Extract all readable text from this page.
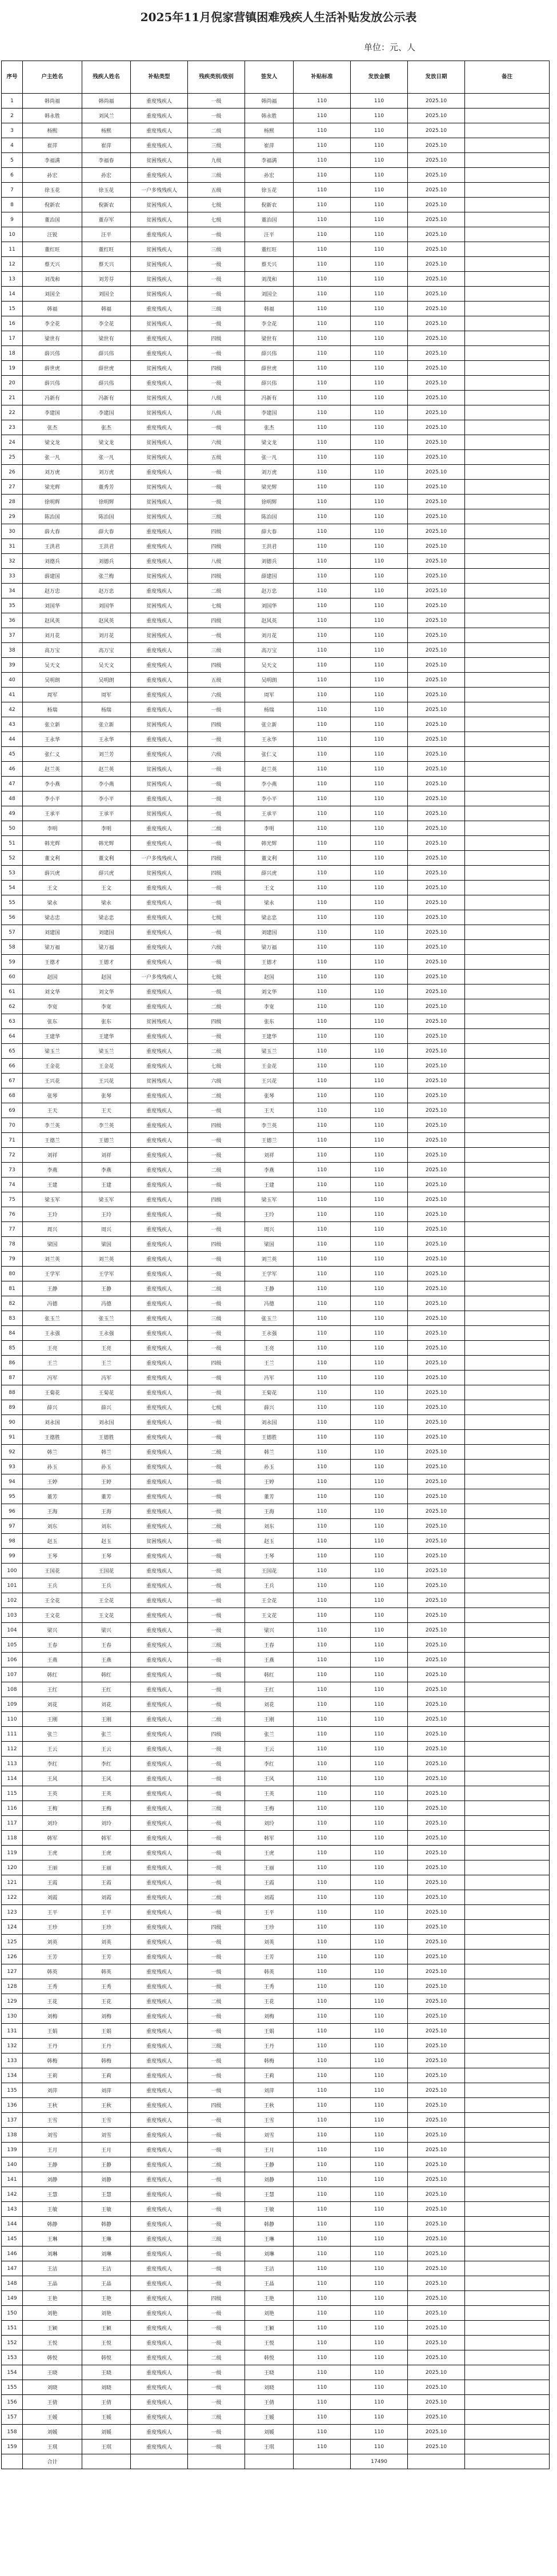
2025年11月倪家营镇困难残疾人生活补贴发放公示表
单位：元、人
序号	户主姓名	残疾人姓名	补贴类型	残疾类别/级别	签发人	补贴标准	发放金额	发放日期	备注
1	韩尚福	韩尚福	重度残疾人	一级	韩尚福	110	110	2025.10	
2	韩永胜	刘风兰	重度残疾人	一级	韩永胜	110	110	2025.10	
3	杨熙	杨熙	重度残疾人	二级	杨熙	110	110	2025.10	
4	崔萍	崔萍	重度残疾人	三级	崔萍	110	110	2025.10	
5	李福满	李福春	贫困残疾人	九级	李福满	110	110	2025.10	
6	孙宏	孙宏	重度残疾人	三级	孙宏	110	110	2025.10	
7	徐玉花	徐玉花	一户多残残疾人	五级	徐玉花	110	110	2025.10	
8	倪新农	倪新农	贫困残疾人	七级	倪新农	110	110	2025.10	
9	董治国	董存军	贫困残疾人	七级	董治国	110	110	2025.10	
10	汪锐	汪平	重度残疾人	一级	汪平	110	110	2025.10	
11	董红旺	董红旺	贫困残疾人	三级	董红旺	110	110	2025.10	
12	蔡天兴	蔡天兴	贫困残疾人	一级	蔡天兴	110	110	2025.10	
13	刘茂和	刘芳芬	贫困残疾人	一级	刘茂和	110	110	2025.10	
14	刘国全	刘国全	贫困残疾人	一级	刘国全	110	110	2025.10	
15	韩福	韩福	重度残疾人	三级	韩福	110	110	2025.10	
16	李全花	李全花	贫困残疾人	一级	李全花	110	110	2025.10	
17	梁世有	梁世有	重度残疾人	四级	梁世有	110	110	2025.10	
18	薛兴伟	薛兴伟	重度残疾人	一级	薛兴伟	110	110	2025.10	
19	薛世虎	薛世虎	贫困残疾人	四级	薛世虎	110	110	2025.10	
20	薛兴伟	薛兴伟	重度残疾人	一级	薛兴伟	110	110	2025.10	
21	冯新有	冯新有	贫困残疾人	八级	冯新有	110	110	2025.10	
22	李建国	李建国	贫困残疾人	八级	李建国	110	110	2025.10	
23	张杰	张杰	重度残疾人	一级	张杰	110	110	2025.10	
24	梁文龙	梁文龙	贫困残疾人	六级	梁文龙	110	110	2025.10	
25	张一凡	张一凡	贫困残疾人	五级	张一凡	110	110	2025.10	
26	刘万虎	刘万虎	重度残疾人	一级	刘万虎	110	110	2025.10	
27	梁光辉	董秀芳	贫困残疾人	一级	梁光辉	110	110	2025.10	
28	徐明辉	徐明辉	贫困残疾人	一级	徐明辉	110	110	2025.10	
29	陈治国	陈治国	贫困残疾人	三级	陈治国	110	110	2025.10	
30	薛大春	薛大春	重度残疾人	四级	薛大春	110	110	2025.10	
31	王洪君	王洪君	重度残疾人	四级	王洪君	110	110	2025.10	
32	刘德兵	刘德兵	重度残疾人	八级	刘德兵	110	110	2025.10	
33	薛建国	张兰梅	贫困残疾人	四级	薛建国	110	110	2025.10	
34	赵万忠	赵万忠	重度残疾人	二级	赵万忠	110	110	2025.10	
35	刘国华	刘国华	贫困残疾人	七级	刘国华	110	110	2025.10	
36	赵风英	赵风英	重度残疾人	四级	赵风英	110	110	2025.10	
37	刘月花	刘月花	贫困残疾人	一级	刘月花	110	110	2025.10	
38	高万宝	高万宝	重度残疾人	三级	高万宝	110	110	2025.10	
39	吴天文	吴天文	重度残疾人	四级	吴天文	110	110	2025.10	
40	吴明朗	吴明朗	重度残疾人	五级	吴明朗	110	110	2025.10	
41	周军	周军	重度残疾人	六级	周军	110	110	2025.10	
42	杨瑞	杨瑞	重度残疾人	一级	杨瑞	110	110	2025.10	
43	张立新	张立新	贫困残疾人	四级	张立新	110	110	2025.10	
44	王永华	王永华	重度残疾人	一级	王永华	110	110	2025.10	
45	张仁义	刘兰芳	重度残疾人	六级	张仁义	110	110	2025.10	
46	赵兰英	赵兰英	贫困残疾人	一级	赵兰英	110	110	2025.10	
47	李小燕	李小燕	贫困残疾人	一级	李小燕	110	110	2025.10	
48	李小平	李小平	重度残疾人	一级	李小平	110	110	2025.10	
49	王承平	王承平	贫困残疾人	一级	王承平	110	110	2025.10	
50	李明	李明	重度残疾人	二级	李明	110	110	2025.10	
51	韩光辉	韩光辉	重度残疾人	一级	韩光辉	110	110	2025.10	
52	董文利	董文利	一户多残残疾人	四级	董文利	110	110	2025.10	
53	薛兴虎	薛兴虎	贫困残疾人	四级	薛兴虎	110	110	2025.10	
54	王文	王文	重度残疾人	一级	王文	110	110	2025.10	
55	梁永	梁永	重度残疾人	一级	梁永	110	110	2025.10	
56	梁志忠	梁志忠	重度残疾人	七级	梁志忠	110	110	2025.10	
57	刘建国	刘建国	重度残疾人	一级	刘建国	110	110	2025.10	
58	梁万福	梁万福	重度残疾人	六级	梁万福	110	110	2025.10	
59	王德才	王德才	重度残疾人	一级	王德才	110	110	2025.10	
60	赵国	赵国	一户多残残疾人	七级	赵国	110	110	2025.10	
61	刘文华	刘文华	重度残疾人	一级	刘文华	110	110	2025.10	
62	李宽	李宽	重度残疾人	二级	李宽	110	110	2025.10	
63	张东	张东	贫困残疾人	四级	张东	110	110	2025.10	
64	王建华	王建华	重度残疾人	一级	王建华	110	110	2025.10	
65	梁玉兰	梁玉兰	重度残疾人	二级	梁玉兰	110	110	2025.10	
66	王金花	王金花	重度残疾人	七级	王金花	110	110	2025.10	
67	王兴花	王兴花	贫困残疾人	六级	王兴花	110	110	2025.10	
68	张琴	张琴	重度残疾人	二级	张琴	110	110	2025.10	
69	王天	王天	重度残疾人	一级	王天	110	110	2025.10	
70	李兰英	李兰英	重度残疾人	四级	李兰英	110	110	2025.10	
71	王德兰	王德兰	重度残疾人	一级	王德兰	110	110	2025.10	
72	刘祥	刘祥	重度残疾人	一级	刘祥	110	110	2025.10	
73	李燕	李燕	重度残疾人	二级	李燕	110	110	2025.10	
74	王建	王建	重度残疾人	一级	王建	110	110	2025.10	
75	梁玉军	梁玉军	重度残疾人	四级	梁玉军	110	110	2025.10	
76	王玲	王玲	重度残疾人	一级	王玲	110	110	2025.10	
77	周兴	周兴	重度残疾人	一级	周兴	110	110	2025.10	
78	梁国	梁国	重度残疾人	四级	梁国	110	110	2025.10	
79	刘兰英	刘兰英	重度残疾人	一级	刘兰英	110	110	2025.10	
80	王学军	王学军	重度残疾人	一级	王学军	110	110	2025.10	
81	王静	王静	重度残疾人	二级	王静	110	110	2025.10	
82	冯德	冯德	重度残疾人	一级	冯德	110	110	2025.10	
83	张玉兰	张玉兰	重度残疾人	三级	张玉兰	110	110	2025.10	
84	王永强	王永强	重度残疾人	一级	王永强	110	110	2025.10	
85	王亮	王亮	重度残疾人	一级	王亮	110	110	2025.10	
86	王兰	王兰	重度残疾人	四级	王兰	110	110	2025.10	
87	冯军	冯军	重度残疾人	一级	冯军	110	110	2025.10	
88	王菊花	王菊花	重度残疾人	一级	王菊花	110	110	2025.10	
89	薛兴	薛兴	重度残疾人	七级	薛兴	110	110	2025.10	
90	刘永国	刘永国	重度残疾人	一级	刘永国	110	110	2025.10	
91	王德胜	王德胜	重度残疾人	一级	王德胜	110	110	2025.10	
92	韩兰	韩兰	重度残疾人	二级	韩兰	110	110	2025.10	
93	孙玉	孙玉	重度残疾人	一级	孙玉	110	110	2025.10	
94	王婷	王婷	重度残疾人	一级	王婷	110	110	2025.10	
95	董芳	董芳	重度残疾人	一级	董芳	110	110	2025.10	
96	王海	王海	重度残疾人	一级	王海	110	110	2025.10	
97	刘东	刘东	重度残疾人	二级	刘东	110	110	2025.10	
98	赵玉	赵玉	贫困残疾人	一级	赵玉	110	110	2025.10	
99	王琴	王琴	重度残疾人	一级	王琴	110	110	2025.10	
100	王国花	王国花	重度残疾人	一级	王国花	110	110	2025.10	
101	王兵	王兵	重度残疾人	一级	王兵	110	110	2025.10	
102	王全花	王全花	重度残疾人	一级	王全花	110	110	2025.10	
103	王文花	王文花	重度残疾人	一级	王文花	110	110	2025.10	
104	梁兴	梁兴	重度残疾人	一级	梁兴	110	110	2025.10	
105	王春	王春	重度残疾人	三级	王春	110	110	2025.10	
106	王燕	王燕	重度残疾人	一级	王燕	110	110	2025.10	
107	韩红	韩红	重度残疾人	一级	韩红	110	110	2025.10	
108	王红	王红	重度残疾人	一级	王红	110	110	2025.10	
109	刘花	刘花	重度残疾人	一级	刘花	110	110	2025.10	
110	王刚	王刚	重度残疾人	二级	王刚	110	110	2025.10	
111	张兰	张兰	重度残疾人	四级	张兰	110	110	2025.10	
112	王云	王云	重度残疾人	一级	王云	110	110	2025.10	
113	李红	李红	重度残疾人	一级	李红	110	110	2025.10	
114	王风	王风	重度残疾人	一级	王风	110	110	2025.10	
115	王英	王英	重度残疾人	一级	王英	110	110	2025.10	
116	王梅	王梅	重度残疾人	三级	王梅	110	110	2025.10	
117	刘玲	刘玲	重度残疾人	一级	刘玲	110	110	2025.10	
118	韩军	韩军	重度残疾人	一级	韩军	110	110	2025.10	
119	王虎	王虎	重度残疾人	一级	王虎	110	110	2025.10	
120	王丽	王丽	重度残疾人	一级	王丽	110	110	2025.10	
121	王霞	王霞	重度残疾人	一级	王霞	110	110	2025.10	
122	刘霞	刘霞	重度残疾人	二级	刘霞	110	110	2025.10	
123	王平	王平	重度残疾人	一级	王平	110	110	2025.10	
124	王珍	王珍	重度残疾人	四级	王珍	110	110	2025.10	
125	刘英	刘英	重度残疾人	一级	刘英	110	110	2025.10	
126	王芳	王芳	重度残疾人	一级	王芳	110	110	2025.10	
127	韩英	韩英	重度残疾人	一级	韩英	110	110	2025.10	
128	王秀	王秀	重度残疾人	一级	王秀	110	110	2025.10	
129	王花	王花	重度残疾人	二级	王花	110	110	2025.10	
130	刘梅	刘梅	重度残疾人	一级	刘梅	110	110	2025.10	
131	王娟	王娟	重度残疾人	一级	王娟	110	110	2025.10	
132	王丹	王丹	重度残疾人	三级	王丹	110	110	2025.10	
133	韩梅	韩梅	重度残疾人	一级	韩梅	110	110	2025.10	
134	王莉	王莉	重度残疾人	一级	王莉	110	110	2025.10	
135	刘萍	刘萍	重度残疾人	一级	刘萍	110	110	2025.10	
136	王秋	王秋	重度残疾人	四级	王秋	110	110	2025.10	
137	王雪	王雪	重度残疾人	一级	王雪	110	110	2025.10	
138	刘雪	刘雪	重度残疾人	一级	刘雪	110	110	2025.10	
139	王月	王月	重度残疾人	一级	王月	110	110	2025.10	
140	王静	王静	重度残疾人	二级	王静	110	110	2025.10	
141	刘静	刘静	重度残疾人	一级	刘静	110	110	2025.10	
142	王慧	王慧	重度残疾人	一级	王慧	110	110	2025.10	
143	王敏	王敏	重度残疾人	一级	王敏	110	110	2025.10	
144	韩静	韩静	重度残疾人	一级	韩静	110	110	2025.10	
145	王琳	王琳	重度残疾人	三级	王琳	110	110	2025.10	
146	刘琳	刘琳	重度残疾人	一级	刘琳	110	110	2025.10	
147	王洁	王洁	重度残疾人	一级	王洁	110	110	2025.10	
148	王晶	王晶	重度残疾人	一级	王晶	110	110	2025.10	
149	王艳	王艳	重度残疾人	四级	王艳	110	110	2025.10	
150	刘艳	刘艳	重度残疾人	一级	刘艳	110	110	2025.10	
151	王颖	王颖	重度残疾人	一级	王颖	110	110	2025.10	
152	王悦	王悦	重度残疾人	一级	王悦	110	110	2025.10	
153	韩悦	韩悦	重度残疾人	二级	韩悦	110	110	2025.10	
154	王晓	王晓	重度残疾人	一级	王晓	110	110	2025.10	
155	刘晓	刘晓	重度残疾人	一级	刘晓	110	110	2025.10	
156	王倩	王倩	重度残疾人	一级	王倩	110	110	2025.10	
157	王媛	王媛	重度残疾人	三级	王媛	110	110	2025.10	
158	刘媛	刘媛	重度残疾人	一级	刘媛	110	110	2025.10	
159	王琪	王琪	重度残疾人	一级	王琪	110	110	2025.10	
	合计						17490		
